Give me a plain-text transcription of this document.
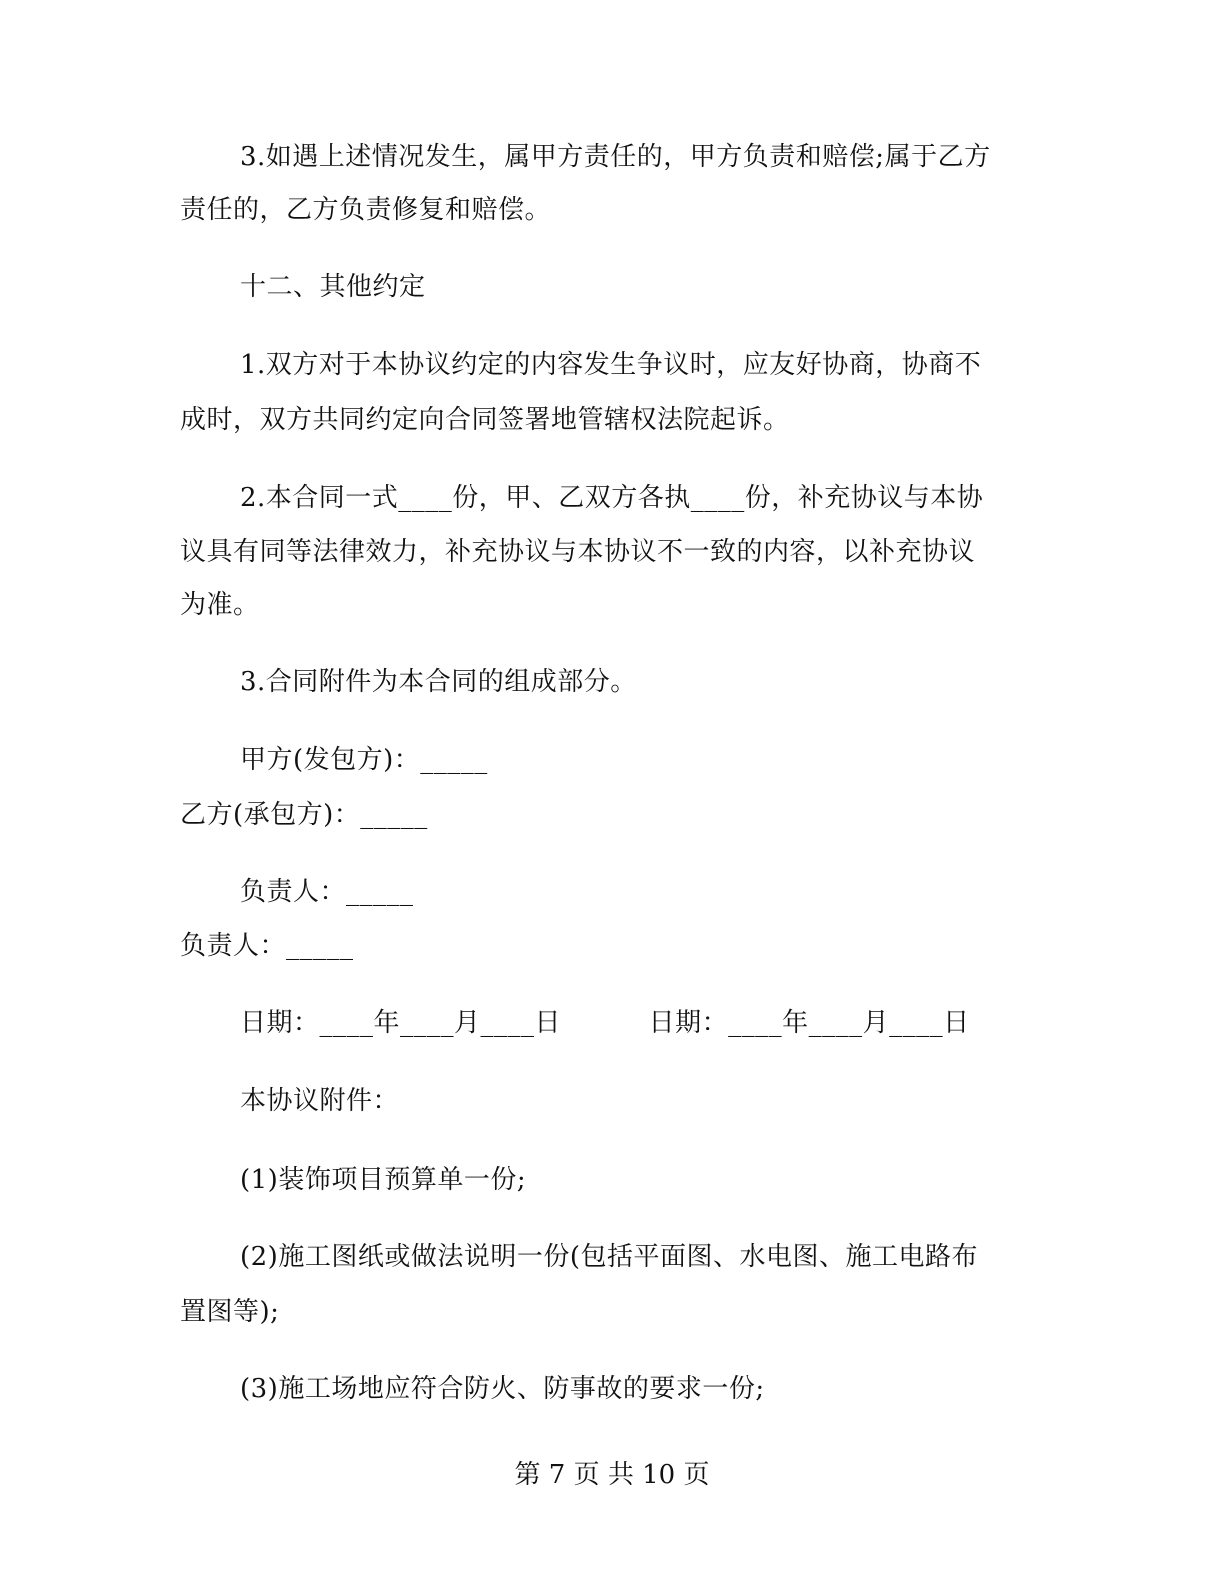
3.如遇上述情况发生，属甲方责任的，甲方负责和赔偿;属于乙方
责任的，乙方负责修复和赔偿。
十二、其他约定
1.双方对于本协议约定的内容发生争议时，应友好协商，协商不
成时，双方共同约定向合同签署地管辖权法院起诉。
2.本合同一式____份，甲、乙双方各执____份，补充协议与本协
议具有同等法律效力，补充协议与本协议不一致的内容，以补充协议
为准。
3.合同附件为本合同的组成部分。
甲方(发包方)：_____
乙方(承包方)：_____
负责人：_____
负责人：_____
日期：____年____月____日          日期：____年____月____日
本协议附件：
(1)装饰项目预算单一份;
(2)施工图纸或做法说明一份(包括平面图、水电图、施工电路布
置图等);
(3)施工场地应符合防火、防事故的要求一份;
第 7 页 共 10 页
